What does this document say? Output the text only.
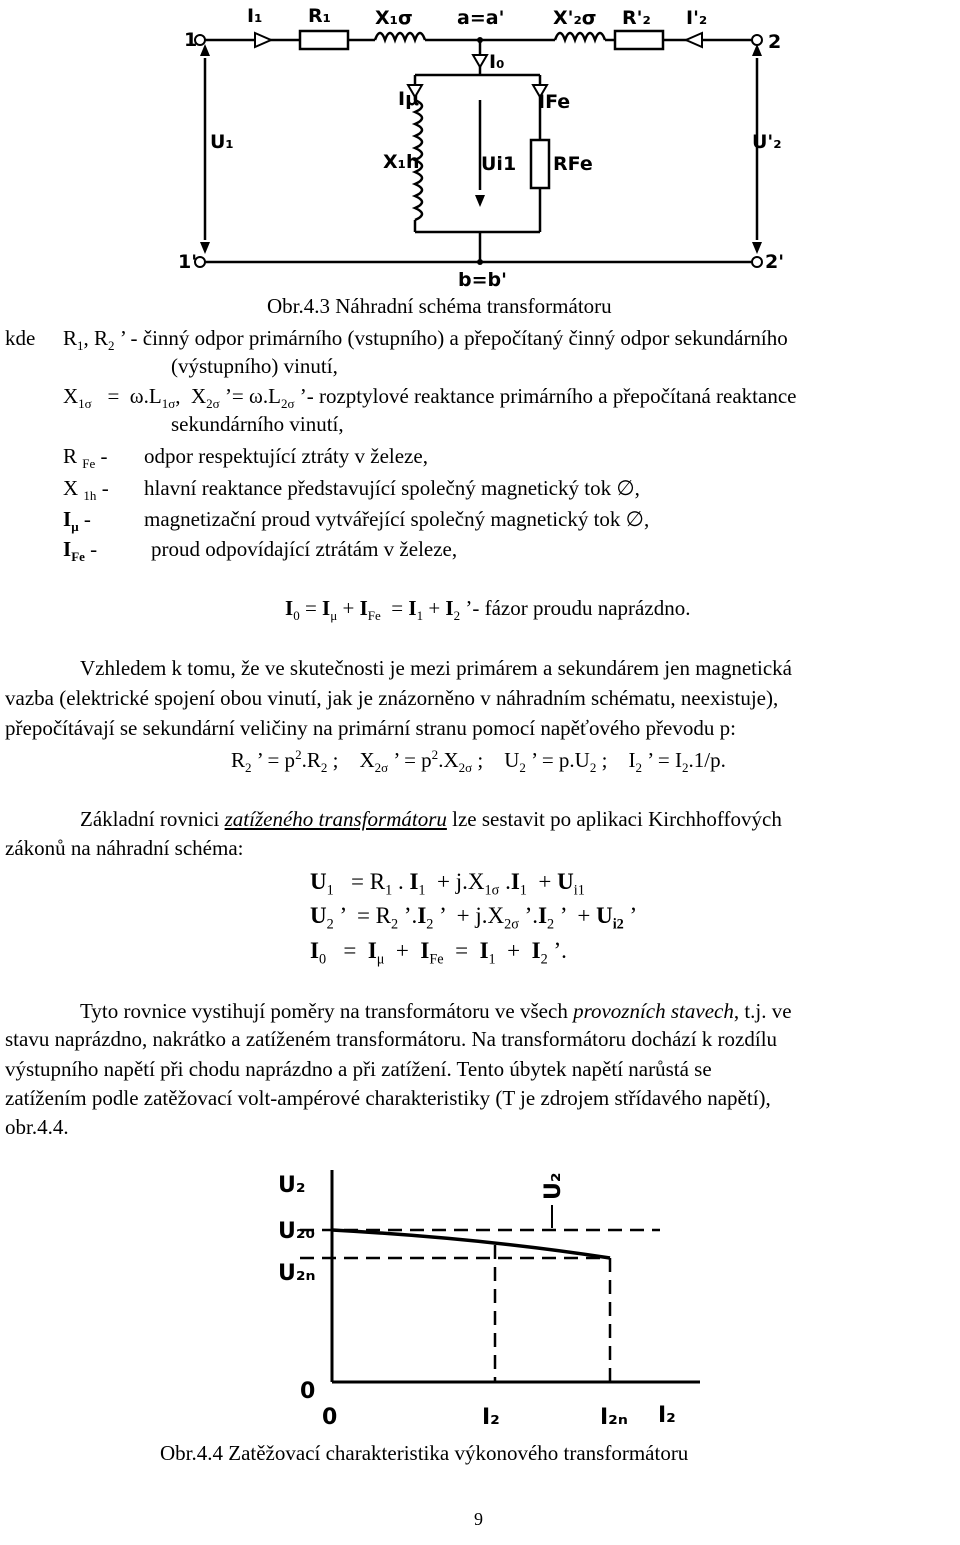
I₁ R₁ X₁σ a=a'	X'₂σ R'₂ I'₂
1	2
1'	2'
I₀
Iμ	IFe
U₁	U'₂
X₁h	Ui1 RFe
b=b'
Obr.4.3 Náhradní schéma transformátoru
kde $R_1$, $R_2$ ’ - činný odpor primárního (vstupního) a přepočítaný činný odpor sekundárního
(výstupního) vinutí,
$X_{1\sigma} = \omega.L_{1\sigma}$,  $X_{2\sigma}$ ’= $\omega.L_{2\sigma}$ ’- rozptylové reaktance primárního a přepočítaná reaktance
sekundárního vinutí,
R $_{Fe}$ - odpor respektující ztráty v železe,
X $_{1h}$ - hlavní reaktance představující společný magnetický tok ∅,
$I_\mu$ -	magnetizační proud vytvářející společný magnetický tok ∅,
$I_{Fe}$ -	proud odpovídající ztrátám v železe,
$I_0 = I_\mu + I_{Fe} = I_1 + I_2$ ’- fázor proudu naprázdno.
Vzhledem k tomu, že ve skutečnosti je mezi primárem a sekundárem jen magnetická
vazba (elektrické spojení obou vinutí, jak je znázorněno v náhradním schématu, neexistuje),
přepočítávají se sekundární veličiny na primární stranu pomocí napěťového převodu p:
$R_2$ ’ = $p^2.R_2$ ;    $X_{2\sigma}$ ’ = $p^2.X_{2\sigma}$ ;    $U_2$ ’ = $p.U_2$ ;    $I_2$ ’ = $I_2.1/p$.
Základní rovnici zatíženého transformátoru lze sestavit po aplikaci Kirchhoffových
zákonů na náhradní schéma:
$U_1 = R_1$ . $I_1 + j.X_{1\sigma}$ $.I_1 + U_{i1}$
$U_2$ ’  = $R_2$ $’.I_2$ ’  + $j.X_{2\sigma}$ $’.I_2$ ’  + $U_{i2}$ ’
$I_0 = I_\mu + I_{Fe} = I_1 + I_2$ ’.
Tyto rovnice vystihují poměry na transformátoru ve všech provozních stavech, t.j. ve
stavu naprázdno, nakrátko a zatíženém transformátoru. Na transformátoru dochází k rozdílu
výstupního napětí při chodu naprázdno a při zatížení. Tento úbytek napětí narůstá se
zatížením podle zatěžovací volt-ampérové charakteristiky (T je zdrojem střídavého napětí),
obr.4.4.
U₂
U₂₀
U₂ₙ
0
0	I₂	I₂ₙ I₂
U₂
Obr.4.4 Zatěžovací charakteristika výkonového transformátoru
9
